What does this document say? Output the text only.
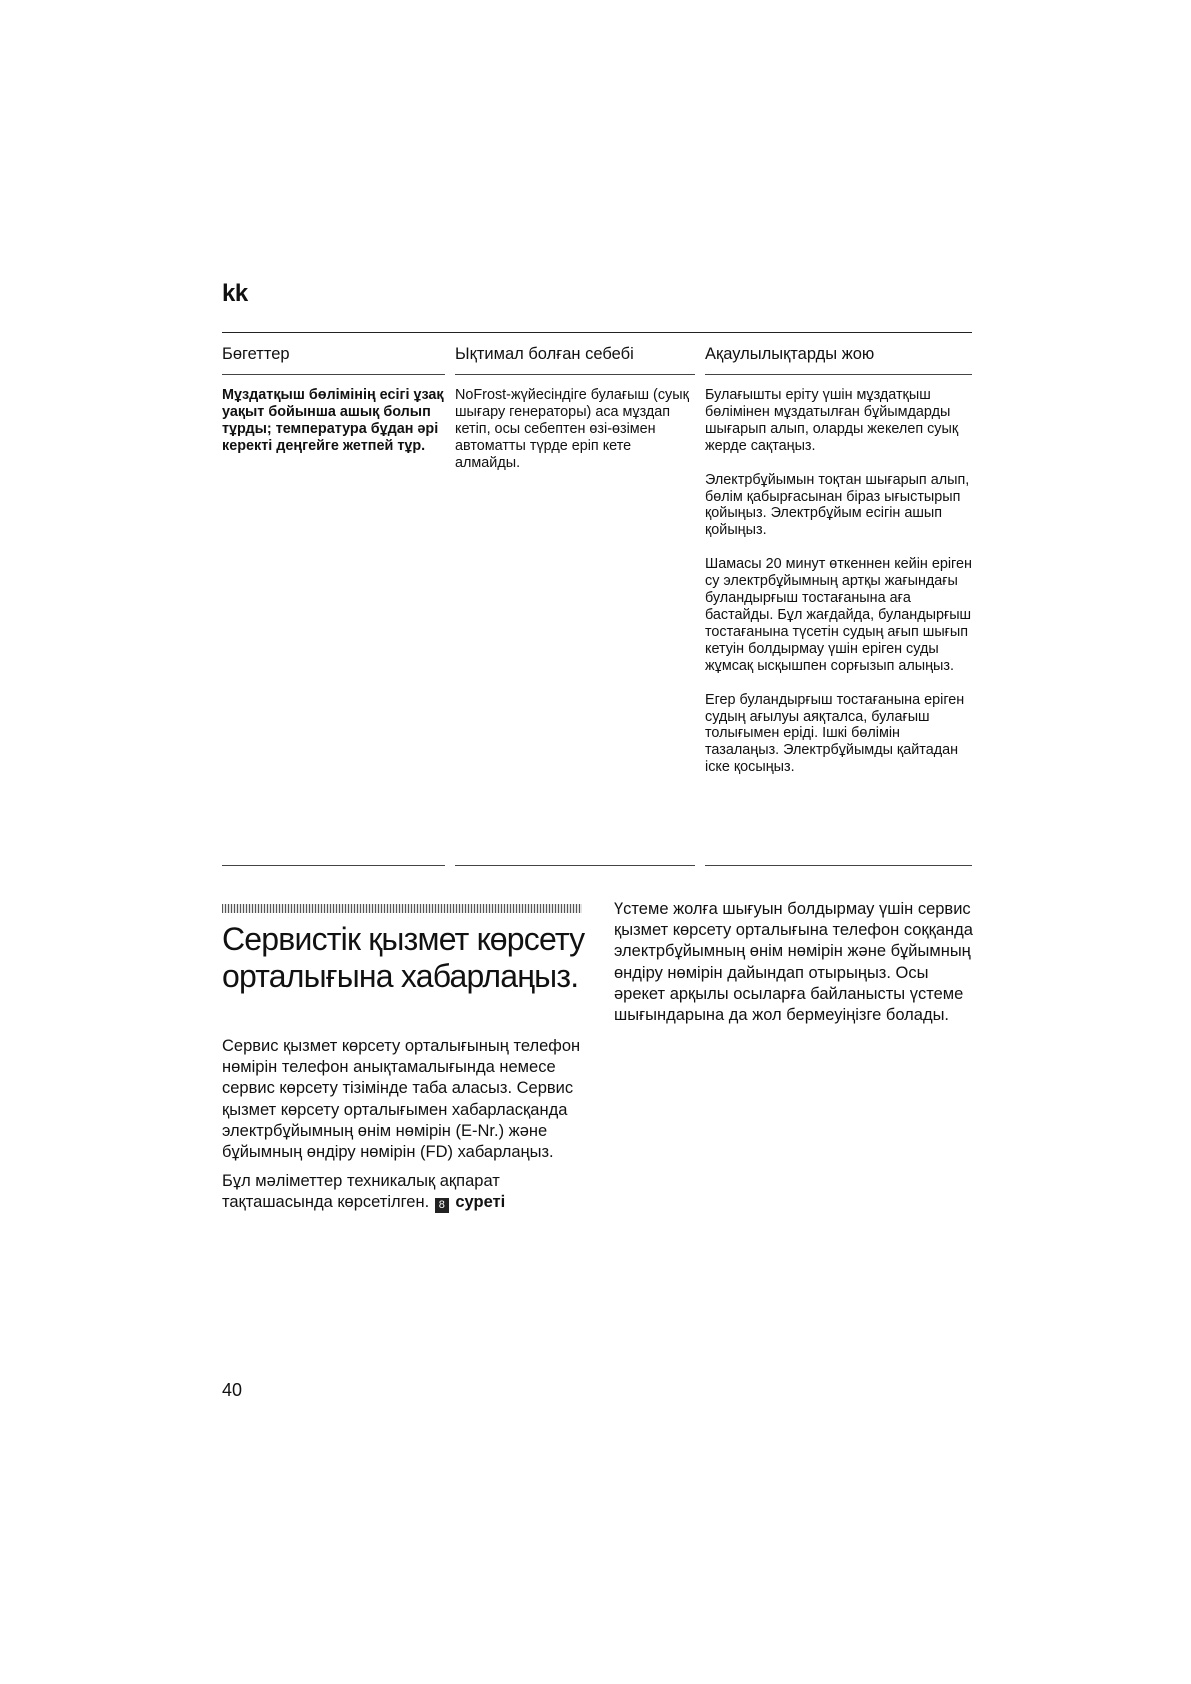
kk
Бөгеттер
Мұздатқыш бөлімінің есігі ұзақ уақыт бойынша ашық болып тұрды; температура бұдан әрі керекті деңгейге жетпей тұр.
Ықтимал болған себебі
NoFrost-жүйесіндіге булағыш (суық шығару генераторы) аса мұздап кетіп, осы себептен өзі-өзімен автоматты түрде еріп кете алмайды.
Ақаулылықтарды жою
Булағышты еріту үшін мұздатқыш бөлімінен мұздатылған бұйымдарды шығарып алып, оларды жекелеп суық жерде сақтаңыз.
Электрбұйымын тоқтан шығарып алып, бөлім қабырғасынан біраз ығыстырып қойыңыз. Электрбұйым есігін ашып қойыңыз.
Шамасы 20 минут өткеннен кейін ерiген су электрбұйымның артқы жағындағы буландырғыш тостағанына аға бастайды. Бұл жағдайда, буландырғыш тостағанына түсетін судың ағып шығып кетуін болдырмау үшін ерiген суды жұмсақ ысқышпен сорғызып алыңыз.
Егер буландырғыш тостағанына ерiген судың ағылуы аяқталса, булағыш толығымен ерiдi. Iшкi бөлімін тазалаңыз. Электрбұйымды қайтадан іске қосыңыз.
Сервистік қызмет көрсету орталығына хабарлаңыз.

Сервис қызмет көрсету орталығының телефон нөмірін телефон анықтамалығында немесе сервис көрсету тізімінде таба аласыз. Сервис қызмет көрсету орталығымен хабарласқанда электрбұйымның өнім нөмірін (E-Nr.) және бұйымның өндіру нөмірін (FD) хабарлаңыз.

Бұл мәліметтер техникалық ақпарат тақташасында көрсетілген. 8 суреті

Үстеме жолға шығуын болдырмау үшін сервис қызмет көрсету орталығына телефон соққанда электрбұйымның өнім нөмірін және бұйымның өндіру нөмірін дайындап отырыңыз. Осы әрекет арқылы осыларға байланысты үстеме шығындарына да жол бермеуіңізге болады.

40
